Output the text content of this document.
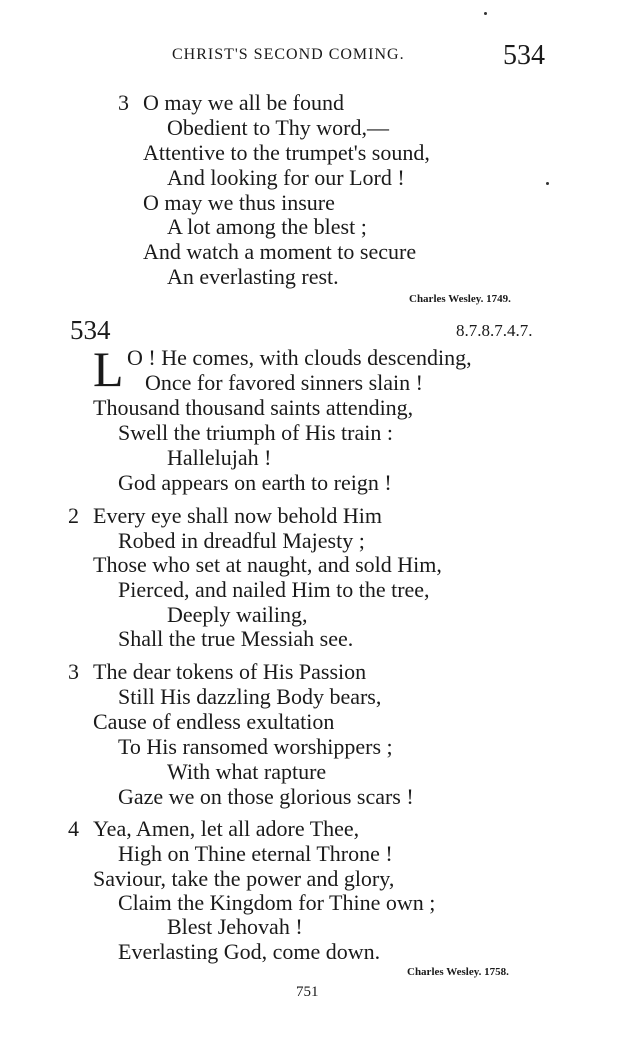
CHRIST'S SECOND COMING.	534
3 O may we all be found
Obedient to Thy word,—
Attentive to the trumpet's sound,
And looking for our Lord !
O may we thus insure
A lot among the blest ;
And watch a moment to secure
An everlasting rest.
Charles Wesley. 1749.
534	8.7.8.7.4.7.
L O ! He comes, with clouds descending,
Once for favored sinners slain !
Thousand thousand saints attending,
Swell the triumph of His train :
Hallelujah !
God appears on earth to reign !
2 Every eye shall now behold Him
Robed in dreadful Majesty ;
Those who set at naught, and sold Him,
Pierced, and nailed Him to the tree,
Deeply wailing,
Shall the true Messiah see.
3 The dear tokens of His Passion
Still His dazzling Body bears,
Cause of endless exultation
To His ransomed worshippers ;
With what rapture
Gaze we on those glorious scars !
4 Yea, Amen, let all adore Thee,
High on Thine eternal Throne !
Saviour, take the power and glory,
Claim the Kingdom for Thine own ;
Blest Jehovah !
Everlasting God, come down.
Charles Wesley. 1758.
751
